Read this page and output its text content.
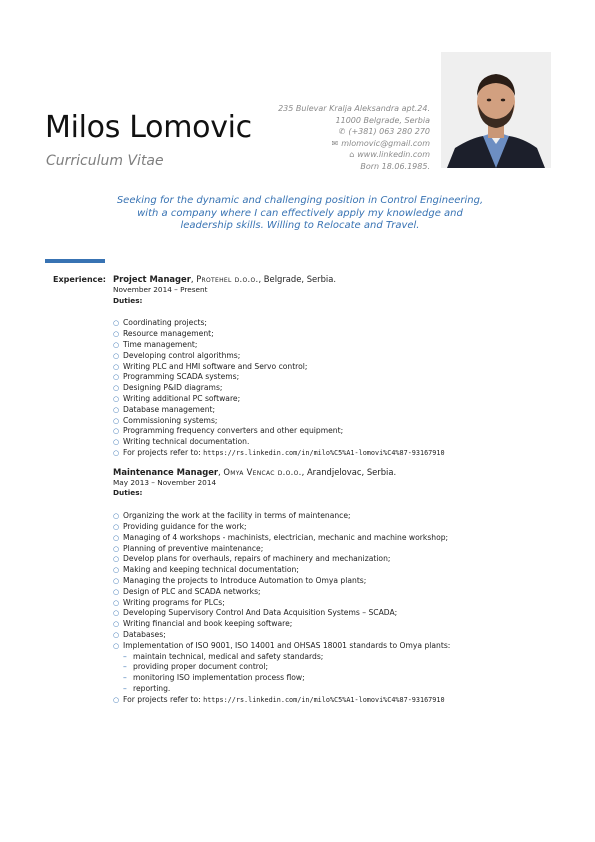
Milos Lomovic
Curriculum Vitae
235 Bulevar Kralja Aleksandra apt.24.
11000 Belgrade, Serbia
✆ (+381) 063 280 270
✉ mlomovic@gmail.com
⌂ www.linkedin.com
Born 18.06.1985.
Seeking for the dynamic and challenging position in Control Engineering, with a company where I can effectively apply my knowledge and leadership skills. Willing to Relocate and Travel.
Experience: Project Manager, Protehel d.o.o., Belgrade, Serbia.
November 2014 – Present
Duties:
○ Coordinating projects;
○ Resource management;
○ Time management;
○ Developing control algorithms;
○ Writing PLC and HMI software and Servo control;
○ Programming SCADA systems;
○ Designing P&ID diagrams;
○ Writing additional PC software;
○ Database management;
○ Commissioning systems;
○ Programming frequency converters and other equipment;
○ Writing technical documentation.
○ For projects refer to: https://rs.linkedin.com/in/milo%C5%A1-lomovi%C4%87-93167910
Maintenance Manager, Omya Vencac d.o.o., Arandjelovac, Serbia.
May 2013 – November 2014
Duties:
○ Organizing the work at the facility in terms of maintenance;
○ Providing guidance for the work;
○ Managing of 4 workshops - machinists, electrician, mechanic and machine workshop;
○ Planning of preventive maintenance;
○ Develop plans for overhauls, repairs of machinery and mechanization;
○ Making and keeping technical documentation;
○ Managing the projects to Introduce Automation to Omya plants;
○ Design of PLC and SCADA networks;
○ Writing programs for PLCs;
○ Developing Supervisory Control And Data Acquisition Systems – SCADA;
○ Writing financial and book keeping software;
○ Databases;
○ Implementation of ISO 9001, ISO 14001 and OHSAS 18001 standards to Omya plants:
– maintain technical, medical and safety standards;
– providing proper document control;
– monitoring ISO implementation process flow;
– reporting.
○ For projects refer to: https://rs.linkedin.com/in/milo%C5%A1-lomovi%C4%87-93167910
